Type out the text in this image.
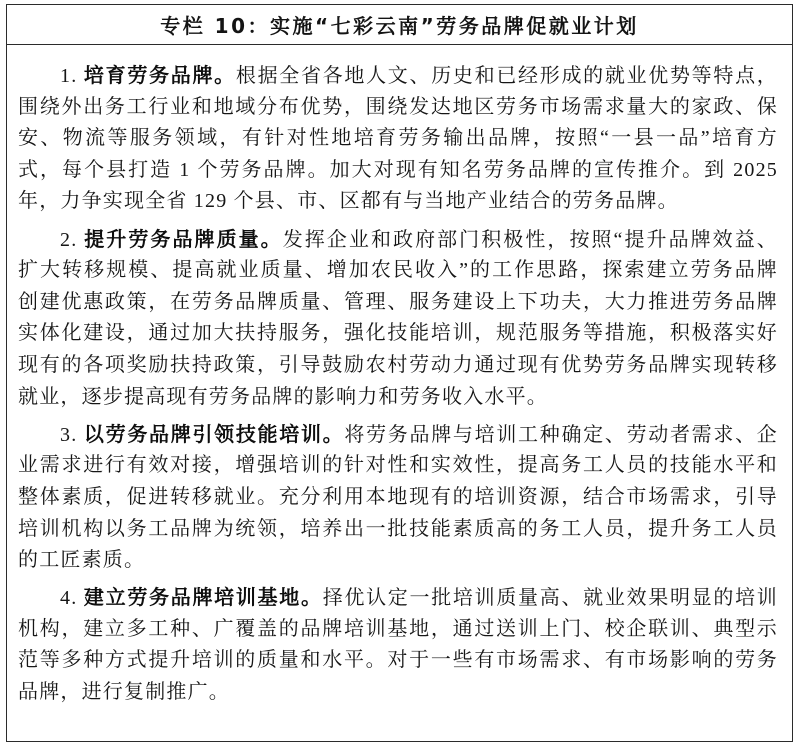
专栏 10：实施“七彩云南”劳务品牌促就业计划
1. 培育劳务品牌。根据全省各地人文、历史和已经形成的就业优势等特点，
围绕外出务工行业和地域分布优势，围绕发达地区劳务市场需求量大的家政、保
安、物流等服务领域，有针对性地培育劳务输出品牌，按照“一县一品”培育方
式，每个县打造 1 个劳务品牌。加大对现有知名劳务品牌的宣传推介。到 2025
年，力争实现全省 129 个县、市、区都有与当地产业结合的劳务品牌。
2. 提升劳务品牌质量。发挥企业和政府部门积极性，按照“提升品牌效益、
扩大转移规模、提高就业质量、增加农民收入”的工作思路，探索建立劳务品牌
创建优惠政策，在劳务品牌质量、管理、服务建设上下功夫，大力推进劳务品牌
实体化建设，通过加大扶持服务，强化技能培训，规范服务等措施，积极落实好
现有的各项奖励扶持政策，引导鼓励农村劳动力通过现有优势劳务品牌实现转移
就业，逐步提高现有劳务品牌的影响力和劳务收入水平。
3. 以劳务品牌引领技能培训。将劳务品牌与培训工种确定、劳动者需求、企
业需求进行有效对接，增强培训的针对性和实效性，提高务工人员的技能水平和
整体素质，促进转移就业。充分利用本地现有的培训资源，结合市场需求，引导
培训机构以务工品牌为统领，培养出一批技能素质高的务工人员，提升务工人员
的工匠素质。
4. 建立劳务品牌培训基地。择优认定一批培训质量高、就业效果明显的培训
机构，建立多工种、广覆盖的品牌培训基地，通过送训上门、校企联训、典型示
范等多种方式提升培训的质量和水平。对于一些有市场需求、有市场影响的劳务
品牌，进行复制推广。
